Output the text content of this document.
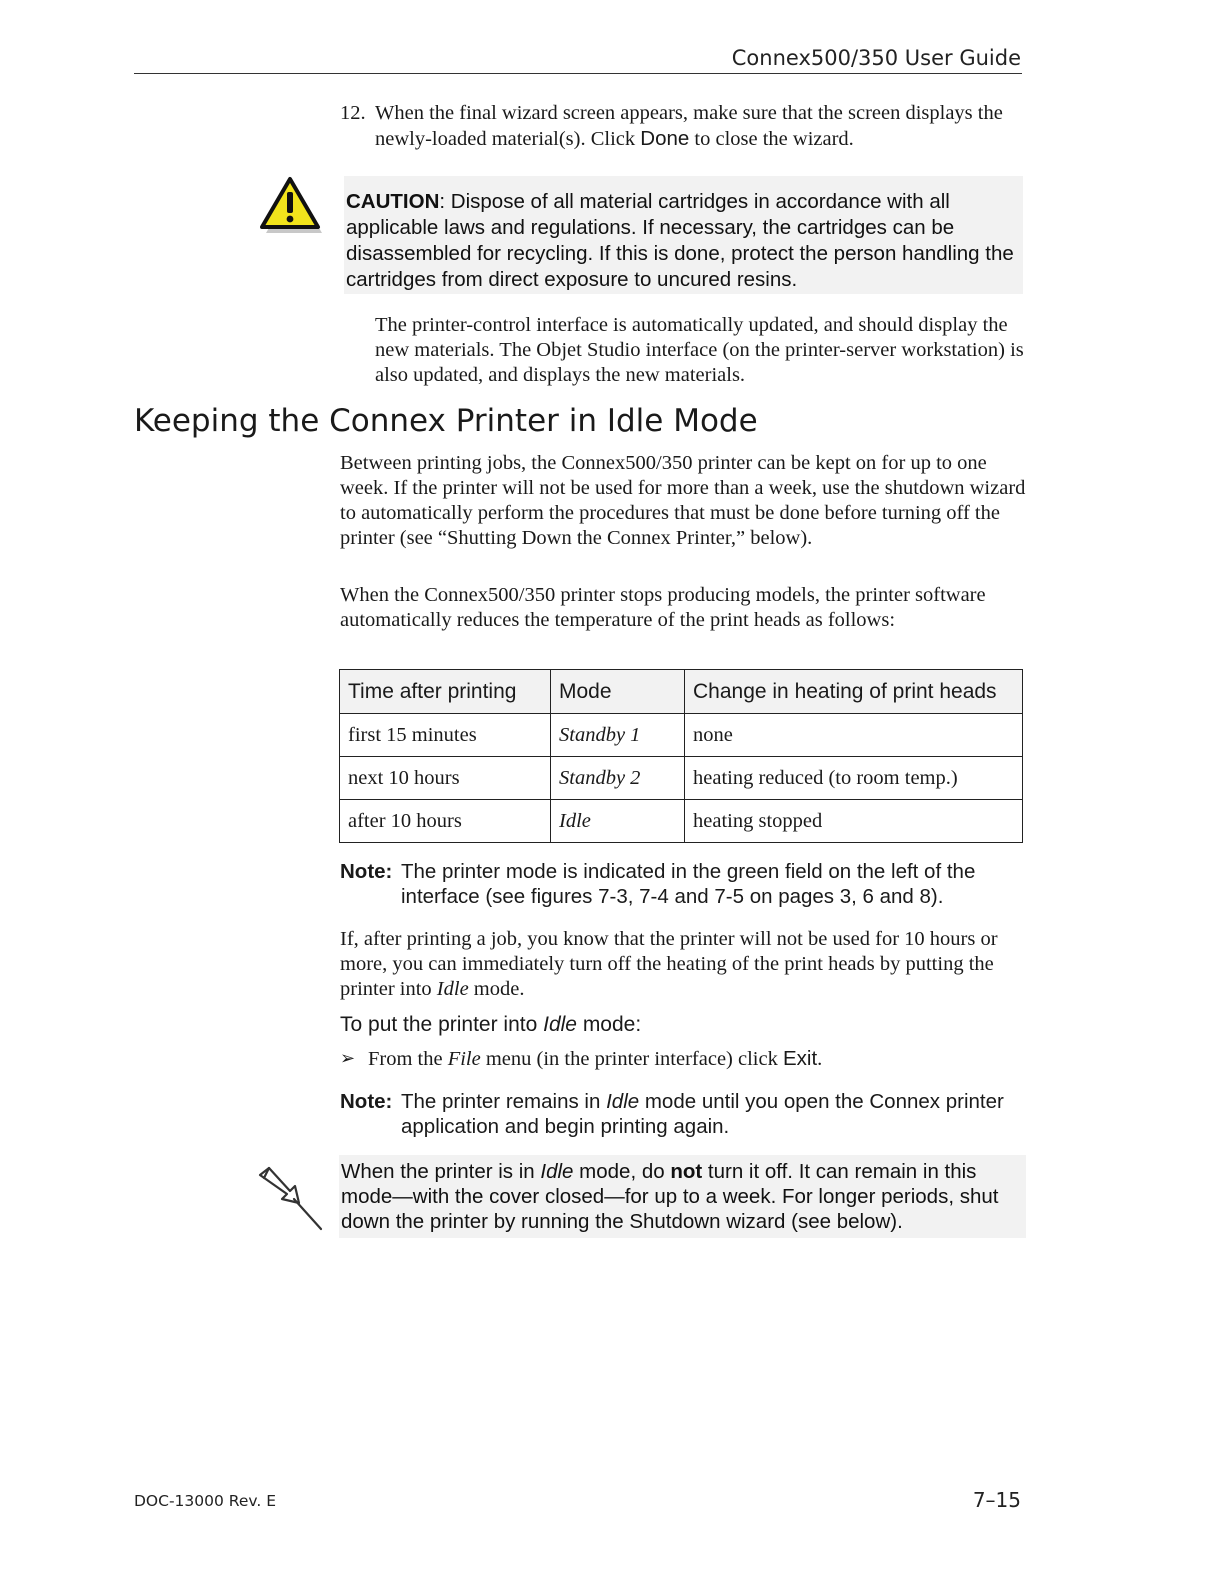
Connex500/350 User Guide
12. When the final wizard screen appears, make sure that the screen displays the newly-loaded material(s). Click Done to close the wizard.
CAUTION: Dispose of all material cartridges in accordance with all applicable laws and regulations. If necessary, the cartridges can be disassembled for recycling. If this is done, protect the person handling the cartridges from direct exposure to uncured resins.
The printer-control interface is automatically updated, and should display the new materials. The Objet Studio interface (on the printer-server workstation) is also updated, and displays the new materials.
Keeping the Connex Printer in Idle Mode
Between printing jobs, the Connex500/350 printer can be kept on for up to one week. If the printer will not be used for more than a week, use the shutdown wizard to automatically perform the procedures that must be done before turning off the printer (see “Shutting Down the Connex Printer,” below).
When the Connex500/350 printer stops producing models, the printer software automatically reduces the temperature of the print heads as follows:
Time after printing	Mode	Change in heating of print heads
first 15 minutes	Standby 1	none
next 10 hours	Standby 2	heating reduced (to room temp.)
after 10 hours	Idle	heating stopped
Note: The printer mode is indicated in the green field on the left of the interface (see figures 7-3, 7-4 and 7-5 on pages 3, 6 and 8).
If, after printing a job, you know that the printer will not be used for 10 hours or more, you can immediately turn off the heating of the print heads by putting the printer into Idle mode.
To put the printer into Idle mode:
➢ From the File menu (in the printer interface) click Exit.
Note: The printer remains in Idle mode until you open the Connex printer application and begin printing again.
When the printer is in Idle mode, do not turn it off. It can remain in this mode—with the cover closed—for up to a week. For longer periods, shut down the printer by running the Shutdown wizard (see below).
DOC-13000 Rev. E	7–15
